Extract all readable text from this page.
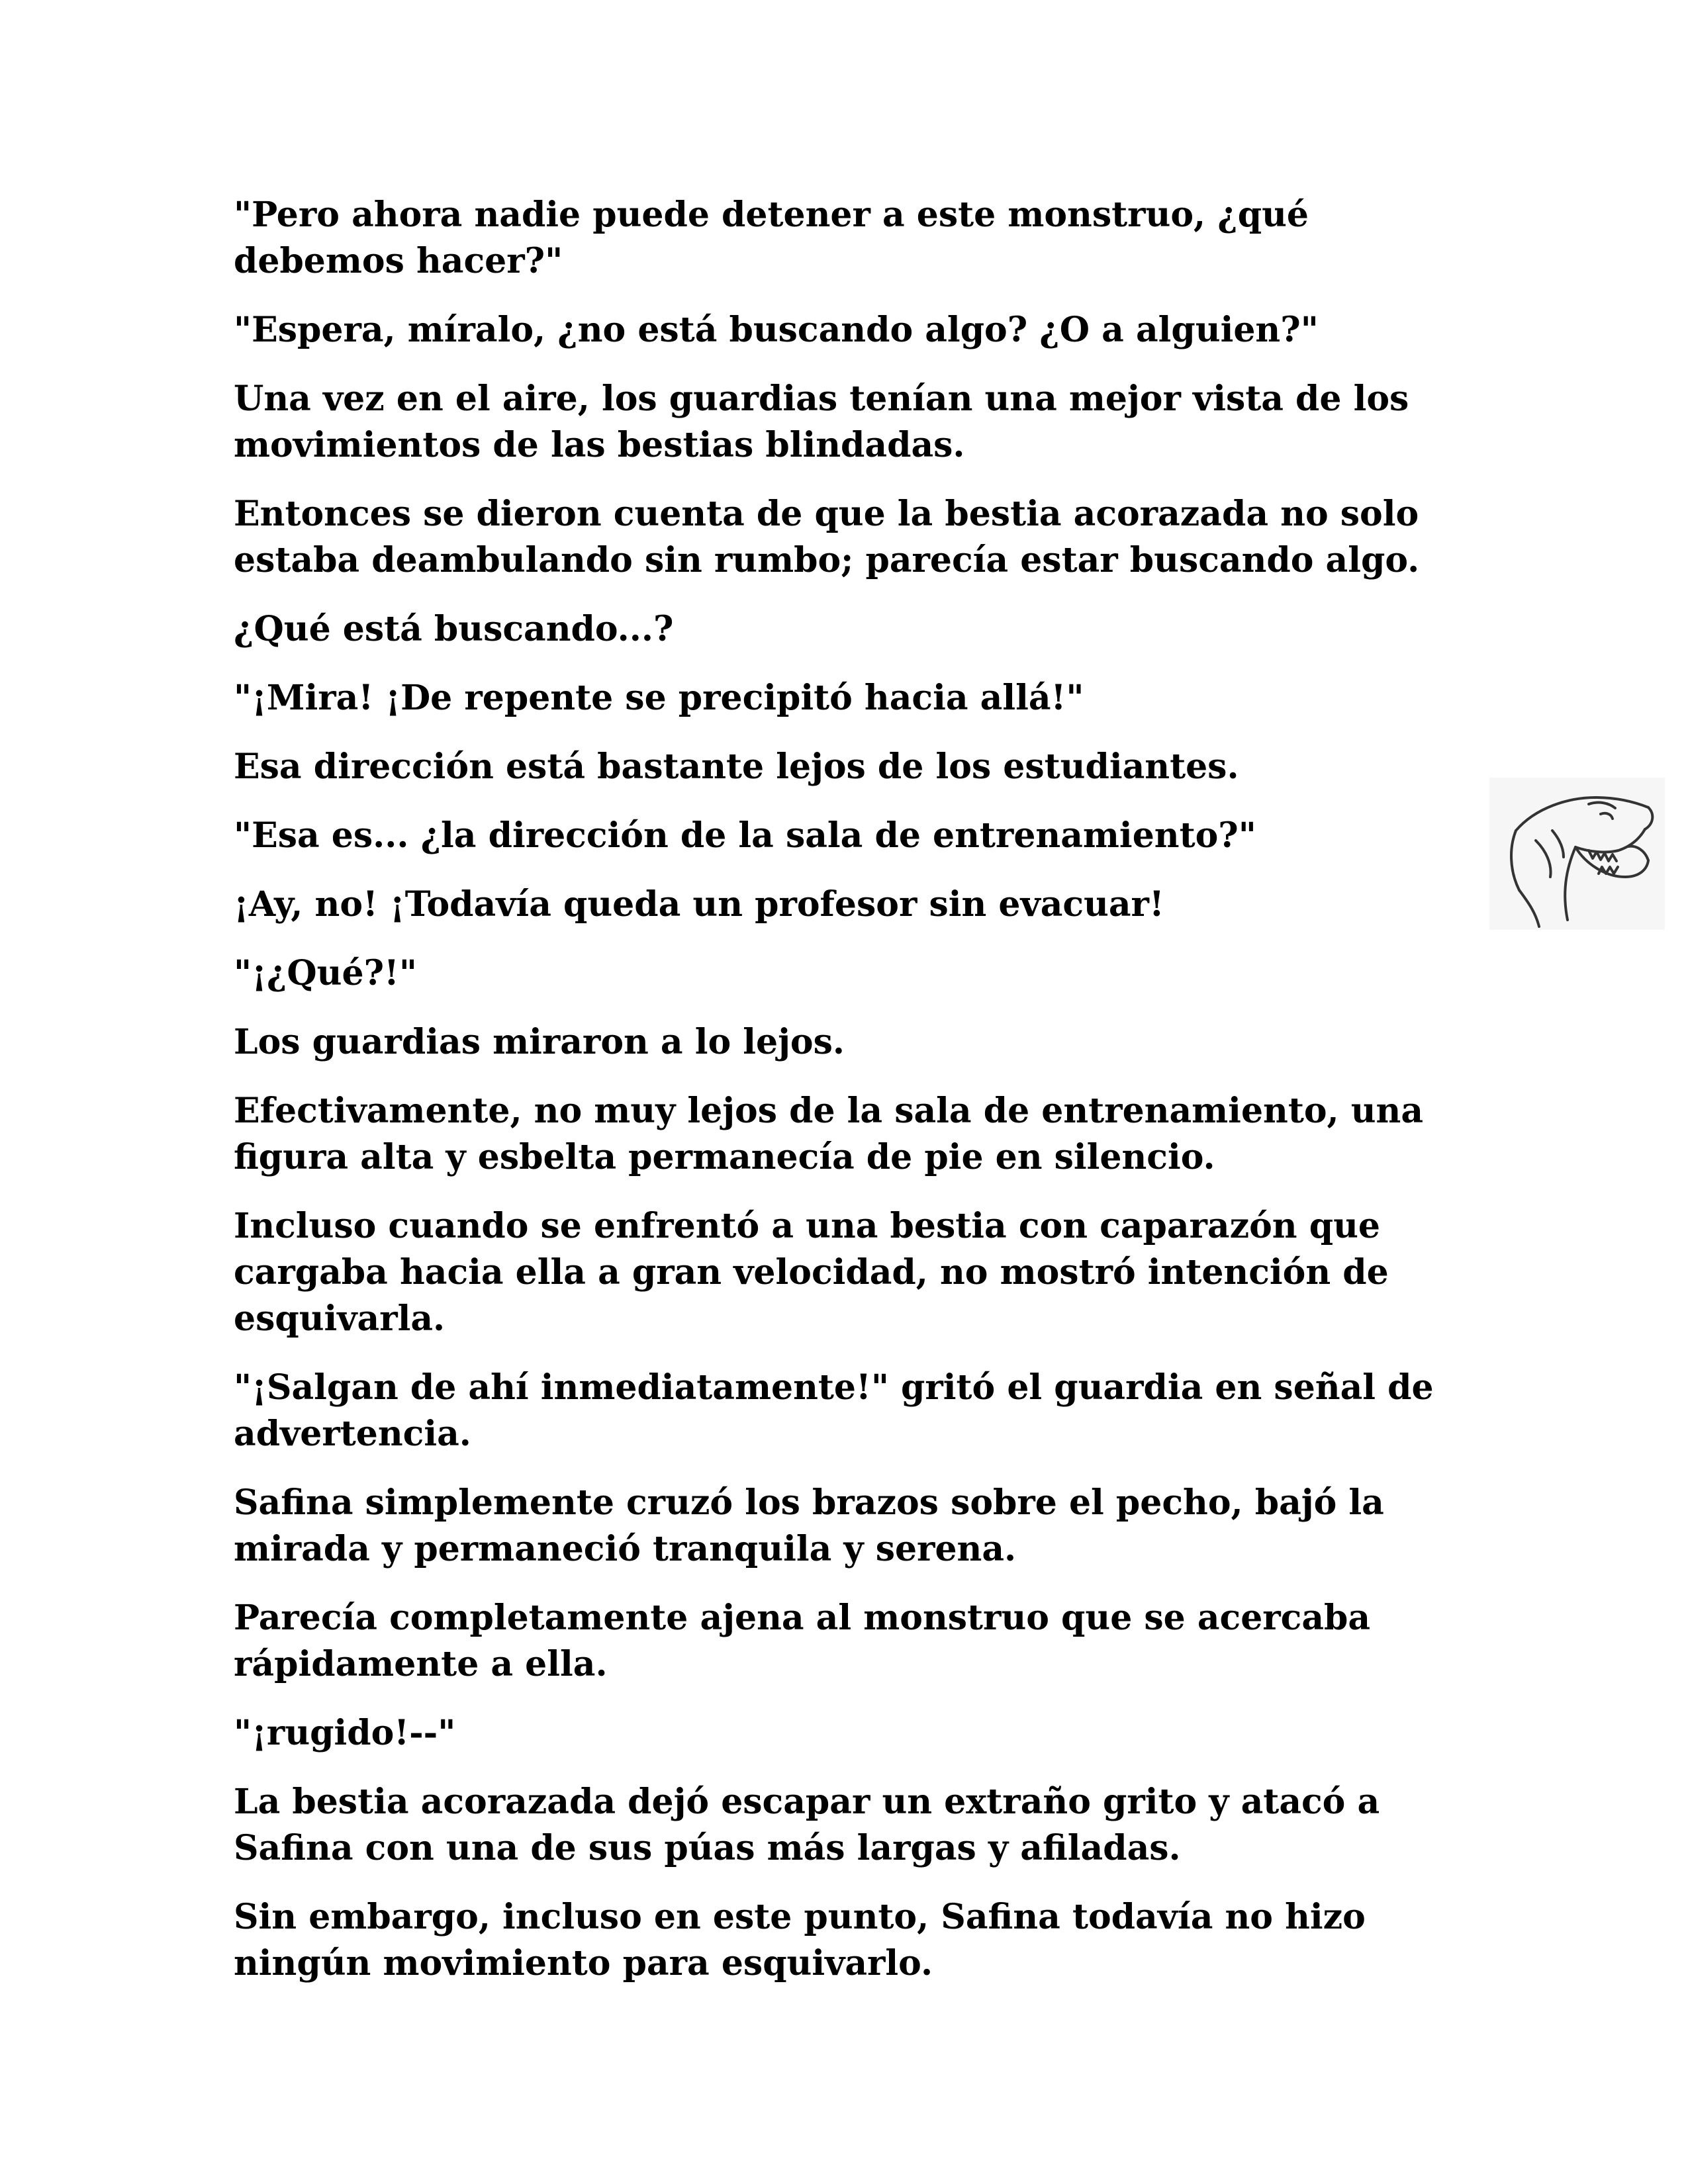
"Pero ahora nadie puede detener a este monstruo, ¿qué debemos hacer?"

"Espera, míralo, ¿no está buscando algo? ¿O a alguien?"

Una vez en el aire, los guardias tenían una mejor vista de los movimientos de las bestias blindadas.

Entonces se dieron cuenta de que la bestia acorazada no solo estaba deambulando sin rumbo; parecía estar buscando algo.

¿Qué está buscando...?

"¡Mira! ¡De repente se precipitó hacia allá!"

Esa dirección está bastante lejos de los estudiantes.

"Esa es... ¿la dirección de la sala de entrenamiento?"

¡Ay, no! ¡Todavía queda un profesor sin evacuar!

"¡¿Qué?!"

Los guardias miraron a lo lejos.

Efectivamente, no muy lejos de la sala de entrenamiento, una figura alta y esbelta permanecía de pie en silencio.

Incluso cuando se enfrentó a una bestia con caparazón que cargaba hacia ella a gran velocidad, no mostró intención de esquivarla.

"¡Salgan de ahí inmediatamente!" gritó el guardia en señal de advertencia.

Safina simplemente cruzó los brazos sobre el pecho, bajó la mirada y permaneció tranquila y serena.

Parecía completamente ajena al monstruo que se acercaba rápidamente a ella.

"¡rugido!--"

La bestia acorazada dejó escapar un extraño grito y atacó a Safina con una de sus púas más largas y afiladas.

Sin embargo, incluso en este punto, Safina todavía no hizo ningún movimiento para esquivarlo.
